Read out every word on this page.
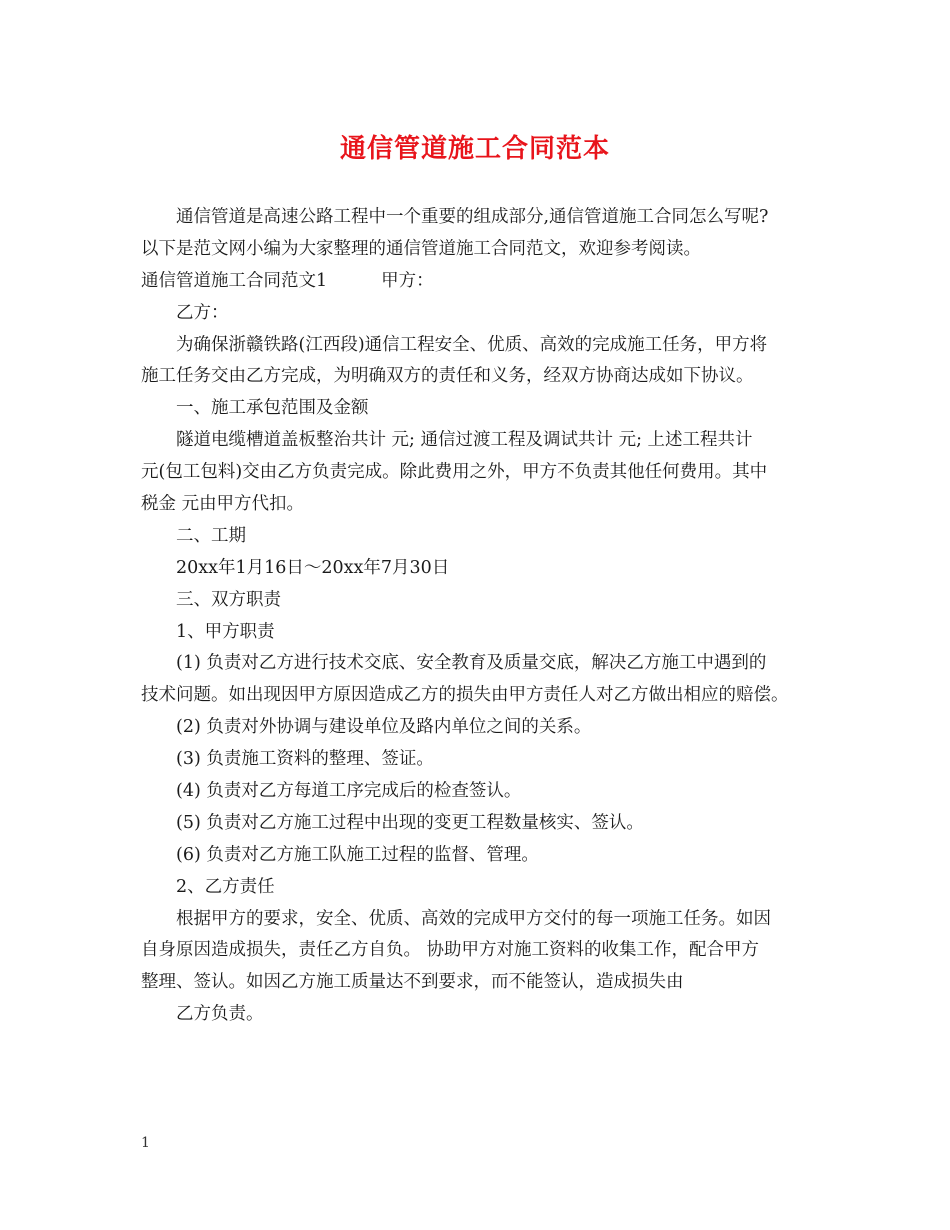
通信管道施工合同范本
通信管道是高速公路工程中一个重要的组成部分,通信管道施工合同怎么写呢?
以下是范文网小编为大家整理的通信管道施工合同范文，欢迎参考阅读。
通信管道施工合同范文1	甲方：
乙方：
为确保浙赣铁路(江西段)通信工程安全、优质、高效的完成施工任务，甲方将
施工任务交由乙方完成，为明确双方的责任和义务，经双方协商达成如下协议。
一、施工承包范围及金额
隧道电缆槽道盖板整治共计 元; 通信过渡工程及调试共计 元; 上述工程共计
元(包工包料)交由乙方负责完成。除此费用之外，甲方不负责其他任何费用。其中
税金 元由甲方代扣。
二、工期
20xx年1月16日～20xx年7月30日
三、双方职责
1、甲方职责
(1) 负责对乙方进行技术交底、安全教育及质量交底，解决乙方施工中遇到的
技术问题。如出现因甲方原因造成乙方的损失由甲方责任人对乙方做出相应的赔偿。
(2) 负责对外协调与建设单位及路内单位之间的关系。
(3) 负责施工资料的整理、签证。
(4) 负责对乙方每道工序完成后的检查签认。
(5) 负责对乙方施工过程中出现的变更工程数量核实、签认。
(6) 负责对乙方施工队施工过程的监督、管理。
2、乙方责任
根据甲方的要求，安全、优质、高效的完成甲方交付的每一项施工任务。如因
自身原因造成损失，责任乙方自负。 协助甲方对施工资料的收集工作，配合甲方
整理、签认。如因乙方施工质量达不到要求，而不能签认，造成损失由
乙方负责。
1
